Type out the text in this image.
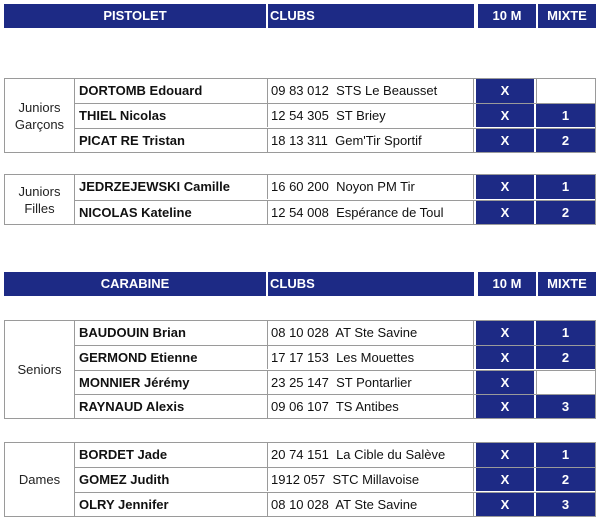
PISTOLET	CLUBS	10 M	MIXTE
Juniors
Garçons
DORTOMB Edouard	09 83 012 STS Le Beausset	X
THIEL Nicolas	12 54 305 ST Briey	X	1
PICAT RE Tristan	18 13 311 Gem'Tir Sportif	X	2
Juniors
Filles
JEDRZEJEWSKI Camille	16 60 200 Noyon PM Tir	X	1
NICOLAS Kateline	12 54 008 Espérance de Toul	X	2
CARABINE	CLUBS	10 M	MIXTE
Seniors
BAUDOUIN Brian	08 10 028 AT Ste Savine	X	1
GERMOND Etienne	17 17 153 Les Mouettes	X	2
MONNIER Jérémy	23 25 147 ST Pontarlier	X
RAYNAUD Alexis	09 06 107 TS Antibes	X	3
Dames
BORDET Jade	20 74 151 La Cible du Salève	X	1
GOMEZ Judith	1912 057 STC Millavoise	X	2
OLRY Jennifer	08 10 028 AT Ste Savine	X	3
